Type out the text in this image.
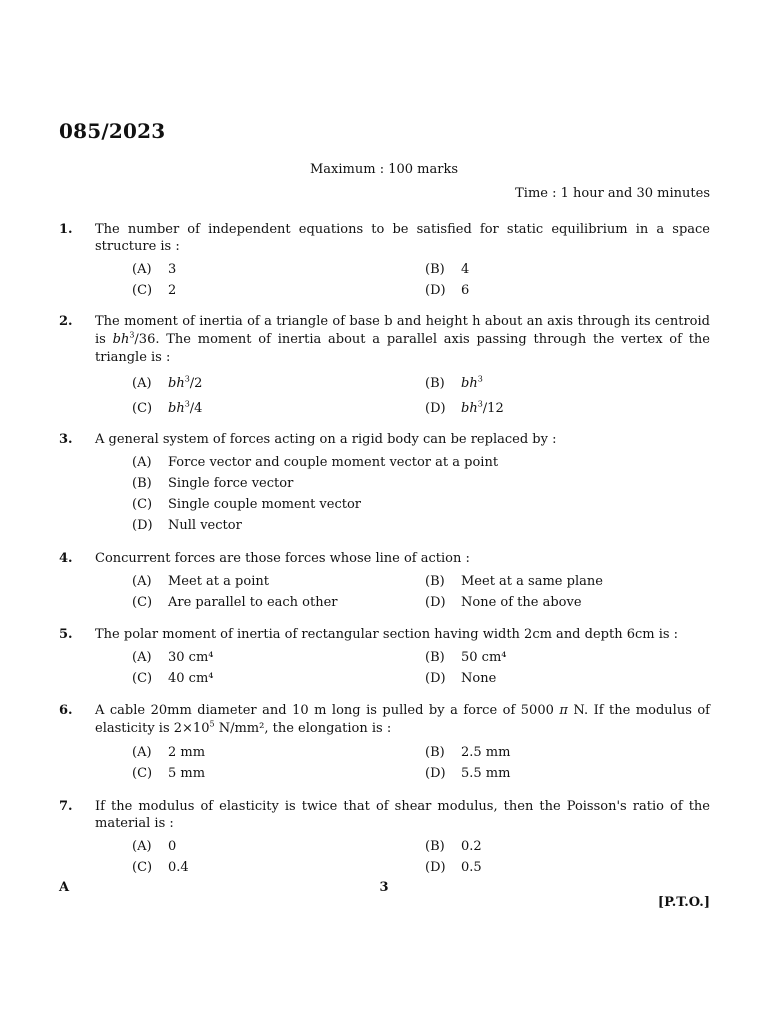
085/2023
Maximum : 100 marks
Time : 1 hour and 30 minutes
1. The number of independent equations to be satisfied for static equilibrium in a space structure is :
(A)	3	(B)	4
(C)	2	(D)	6
2. The moment of inertia of a triangle of base b and height h about an axis through its centroid is $bh^3/36$. The moment of inertia about a parallel axis passing through the vertex of the triangle is :
(A)	$bh^3/2$	(B)	$bh^3$
(C)	$bh^3/4$	(D)	$bh^3/12$
3. A general system of forces acting on a rigid body can be replaced by :
(A)	Force vector and couple moment vector at a point
(B)	Single force vector
(C)	Single couple moment vector
(D)	Null vector
4. Concurrent forces are those forces whose line of action :
(A)	Meet at a point	(B)	Meet at a same plane
(C)	Are parallel to each other	(D)	None of the above
5. The polar moment of inertia of rectangular section having width 2cm and depth 6cm is :
(A)	30 cm⁴	(B)	50 cm⁴
(C)	40 cm⁴	(D)	None
6. A cable 20mm diameter and 10 m long is pulled by a force of 5000 π N. If the modulus of elasticity is $2\times 10^5$ N/mm², the elongation is :
(A)	2 mm	(B)	2.5 mm
(C)	5 mm	(D)	5.5 mm
7. If the modulus of elasticity is twice that of shear modulus, then the Poisson's ratio of the material is :
(A)	0	(B)	0.2
(C)	0.4	(D)	0.5
A	3
[P.T.O.]
